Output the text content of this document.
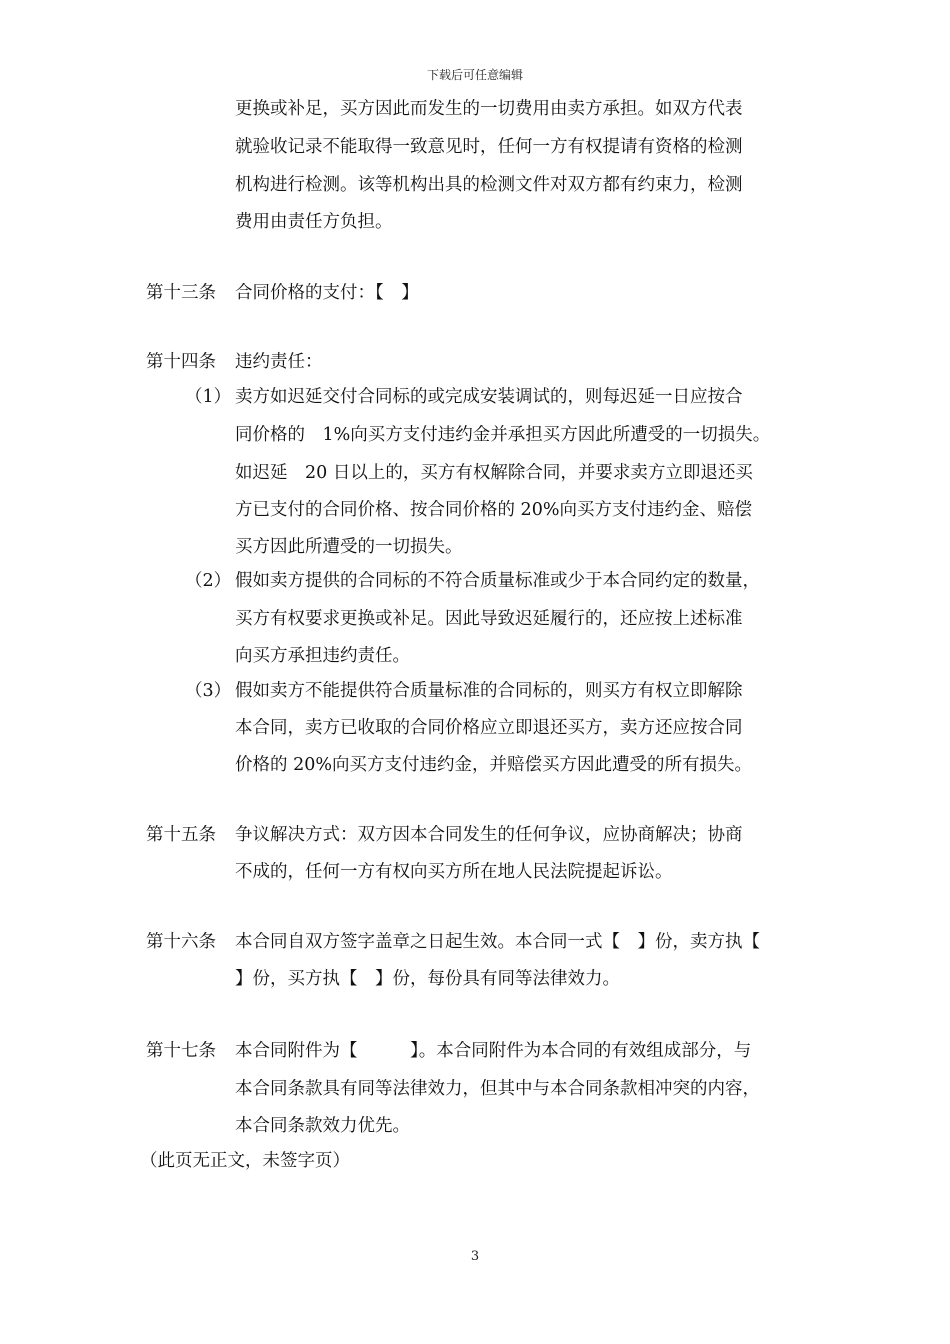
下载后可任意编辑
更换或补足，买方因此而发生的一切费用由卖方承担。如双方代表
就验收记录不能取得一致意见时，任何一方有权提请有资格的检测
机构进行检测。该等机构出具的检测文件对双方都有约束力，检测
费用由责任方负担。
第十三条 合同价格的支付：【　】
第十四条 违约责任：
（1） 卖方如迟延交付合同标的或完成安装调试的，则每迟延一日应按合
同价格的　1%向买方支付违约金并承担买方因此所遭受的一切损失。
如迟延　20 日以上的，买方有权解除合同，并要求卖方立即退还买
方已支付的合同价格、按合同价格的 20%向买方支付违约金、赔偿
买方因此所遭受的一切损失。
（2） 假如卖方提供的合同标的不符合质量标准或少于本合同约定的数量，
买方有权要求更换或补足。因此导致迟延履行的，还应按上述标准
向买方承担违约责任。
（3） 假如卖方不能提供符合质量标准的合同标的，则买方有权立即解除
本合同，卖方已收取的合同价格应立即退还买方，卖方还应按合同
价格的 20%向买方支付违约金，并赔偿买方因此遭受的所有损失。
第十五条 争议解决方式：双方因本合同发生的任何争议，应协商解决；协商
不成的，任何一方有权向买方所在地人民法院提起诉讼。
第十六条 本合同自双方签字盖章之日起生效。本合同一式【　】份，卖方执【
】份，买方执【　】份，每份具有同等法律效力。
第十七条 本合同附件为【　　　】。本合同附件为本合同的有效组成部分，与
本合同条款具有同等法律效力，但其中与本合同条款相冲突的内容，
本合同条款效力优先。
（此页无正文，未签字页）
3
